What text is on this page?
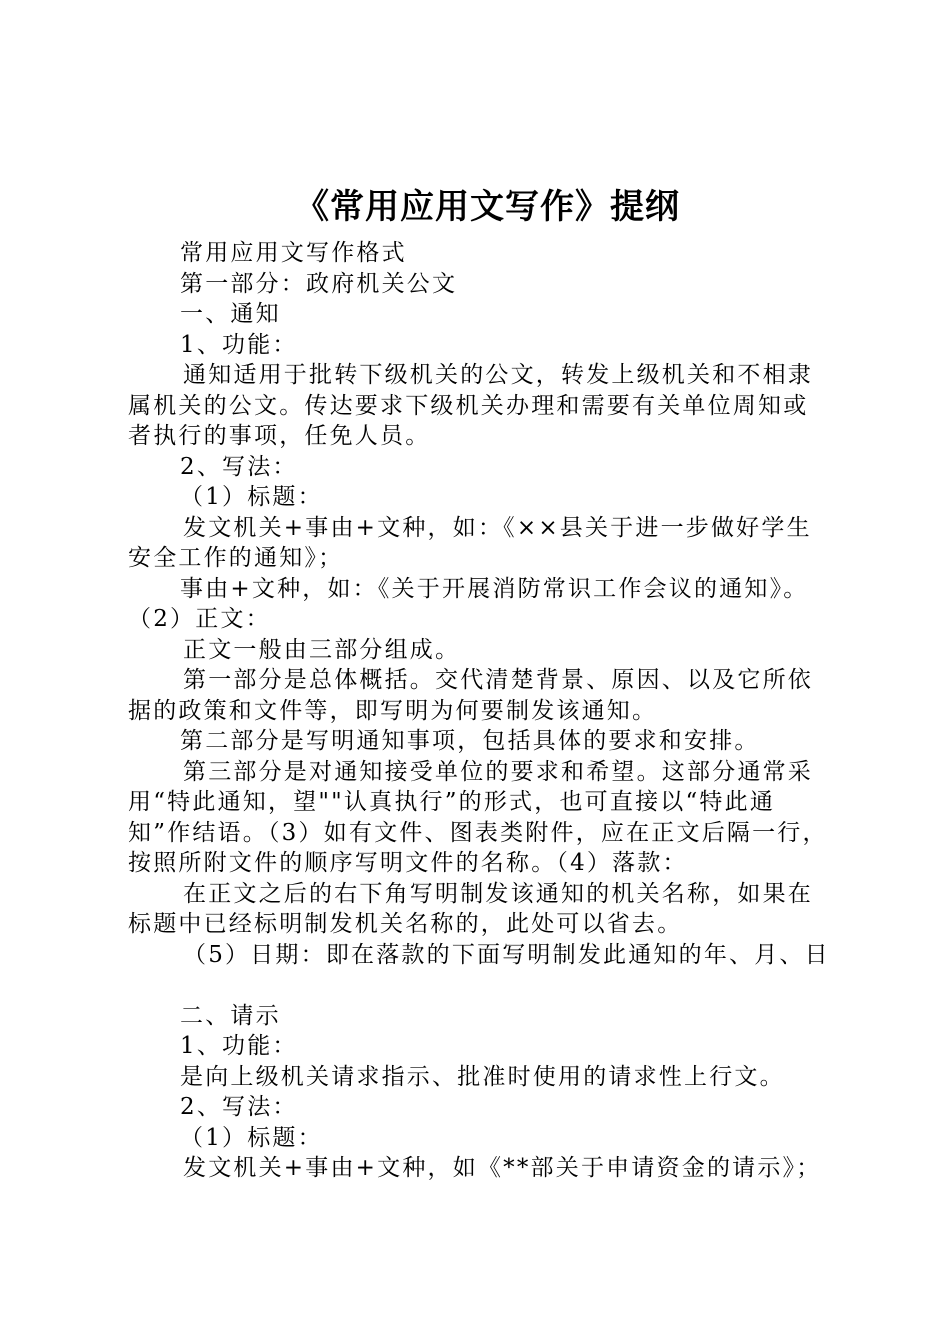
《常用应用文写作》提纲
常用应用文写作格式
第一部分：政府机关公文
一、通知
1、功能：
通知适用于批转下级机关的公文，转发上级机关和不相隶
属机关的公文。传达要求下级机关办理和需要有关单位周知或
者执行的事项，任免人员。
2、写法：
（1）标题：
发文机关+事由+文种，如：《××县关于进一步做好学生
安全工作的通知》；
事由+文种，如：《关于开展消防常识工作会议的通知》。
（2）正文：
正文一般由三部分组成。
第一部分是总体概括。交代清楚背景、原因、以及它所依
据的政策和文件等，即写明为何要制发该通知。
第二部分是写明通知事项，包括具体的要求和安排。
第三部分是对通知接受单位的要求和希望。这部分通常采
用“特此通知，望""认真执行”的形式，也可直接以“特此通
知”作结语。（3）如有文件、图表类附件，应在正文后隔一行，
按照所附文件的顺序写明文件的名称。（4）落款：
在正文之后的右下角写明制发该通知的机关名称，如果在
标题中已经标明制发机关名称的，此处可以省去。
（5）日期：即在落款的下面写明制发此通知的年、月、日
二、请示
1、功能：
是向上级机关请求指示、批准时使用的请求性上行文。
2、写法：
（1）标题：
发文机关+事由+文种，如《**部关于申请资金的请示》；
